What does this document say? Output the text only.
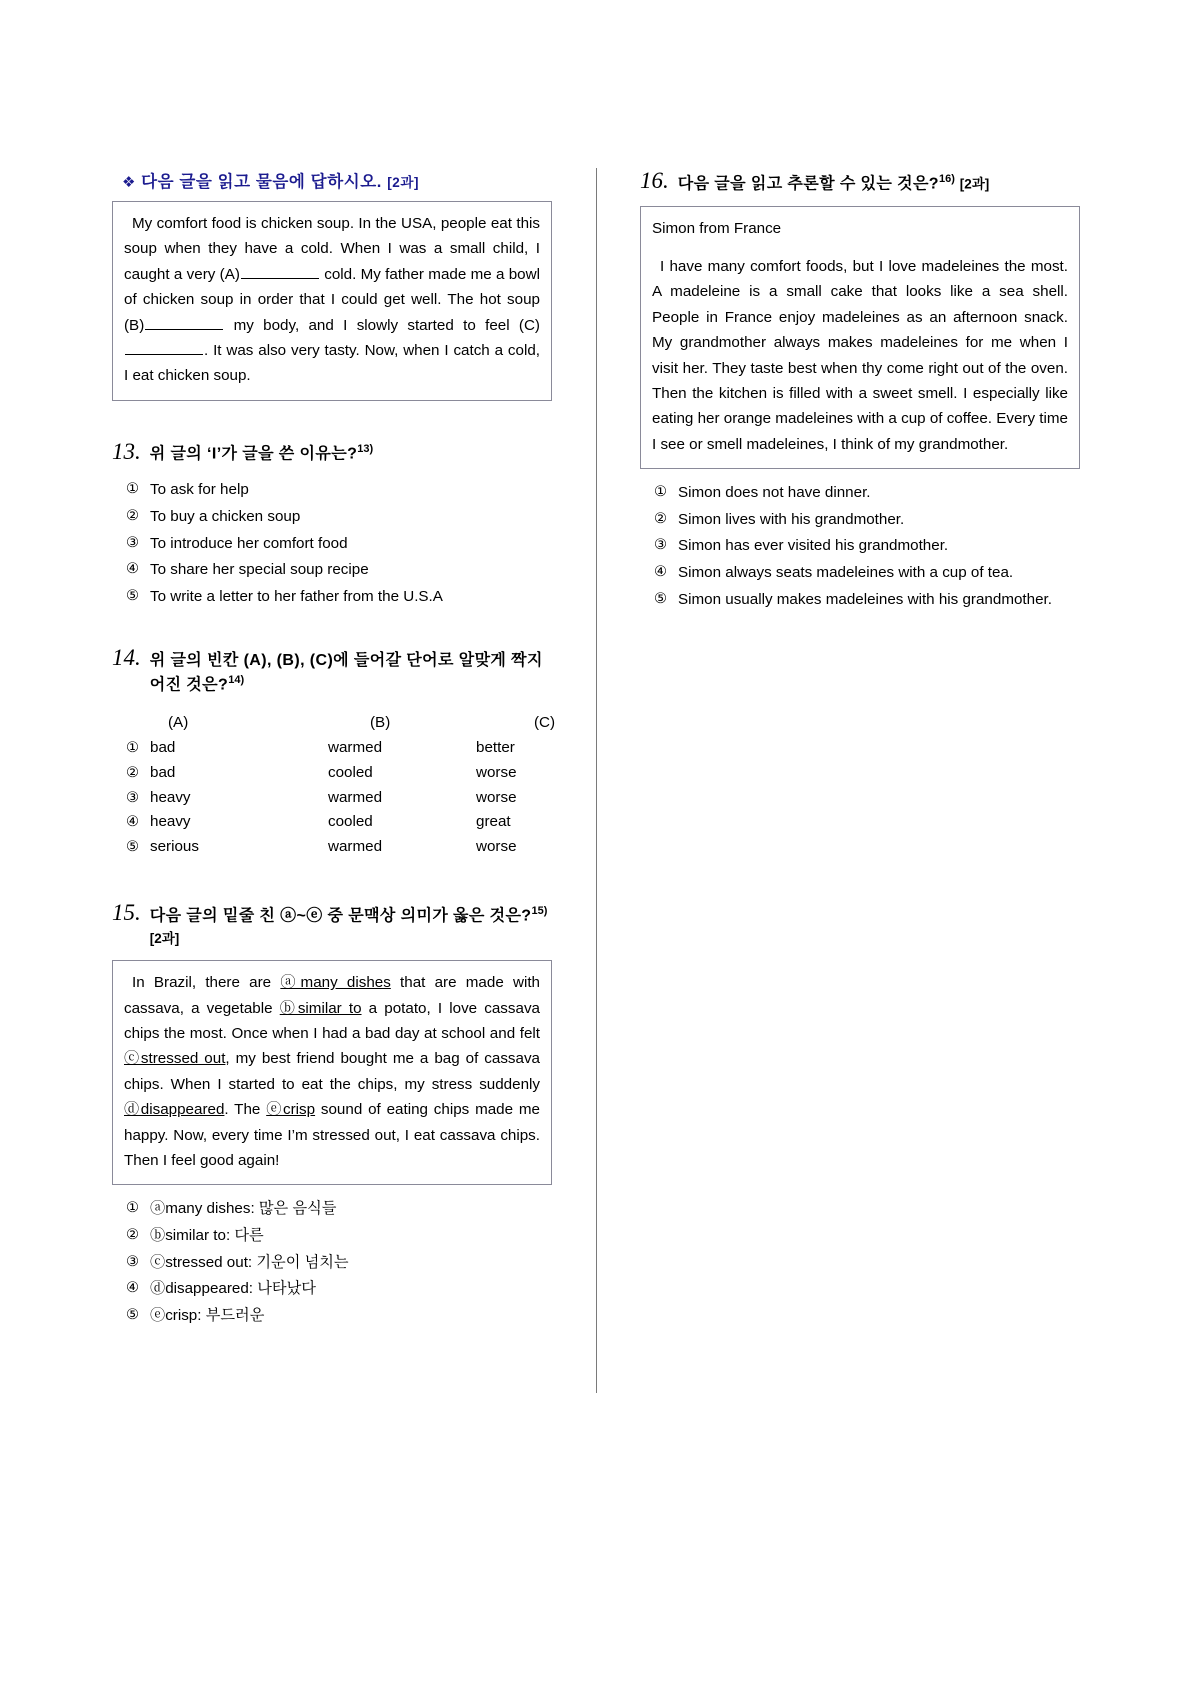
❖ 다음 글을 읽고 물음에 답하시오. [2과]

My comfort food is chicken soup. In the USA, people eat this soup when they have a cold. When I was a small child, I caught a very (A)	cold. My father made me a bowl of chicken soup in order that I could get well. The hot soup (B)	my body, and I slowly started to feel (C). It was also very tasty. Now, when I catch a cold, I eat chicken soup.

13. 위 글의 ‘I’가 글을 쓴 이유는?$^{13)}$
① To ask for help
② To buy a chicken soup
③ To introduce her comfort food
④ To share her special soup recipe
⑤ To write a letter to her father from the U.S.A
14. 위 글의 빈칸 (A), (B), (C)에 들어갈 단어로 알맞게 짝지어진 것은?$^{14)}$
(A)	(B)	(C)
① bad	warmed	better
② bad	cooled	worse
③ heavy	warmed	worse
④ heavy	cooled	great
⑤ serious	warmed	worse
15. 다음 글의 밑줄 친 ⓐ~ⓔ 중 문맥상 의미가 옳은 것은?$^{15)}$ [2과]

In Brazil, there are ⓐmany dishes that are made with cassava, a vegetable ⓑsimilar to a potato, I love cassava chips the most. Once when I had a bad day at school and felt ⓒstressed out, my best friend bought me a bag of cassava chips. When I started to eat the chips, my stress suddenly ⓓdisappeared. The ⓔcrisp sound of eating chips made me happy. Now, every time I’m stressed out, I eat cassava chips. Then I feel good again!

① ⓐmany dishes: 많은 음식들
② ⓑsimilar to: 다른
③ ⓒstressed out: 기운이 넘치는
④ ⓓdisappeared: 나타났다
⑤ ⓔcrisp: 부드러운
16. 다음 글을 읽고 추론할 수 있는 것은?$^{16)}$ [2과]

Simon from France

I have many comfort foods, but I love madeleines the most. A madeleine is a small cake that looks like a sea shell. People in France enjoy madeleines as an afternoon snack. My grandmother always makes madeleines for me when I visit her. They taste best when thy come right out of the oven. Then the kitchen is filled with a sweet smell. I especially like eating her orange madeleines with a cup of coffee. Every time I see or smell madeleines, I think of my grandmother.

① Simon does not have dinner.
② Simon lives with his grandmother.
③ Simon has ever visited his grandmother.
④ Simon always seats madeleines with a cup of tea.
⑤ Simon usually makes madeleines with his grandmother.
